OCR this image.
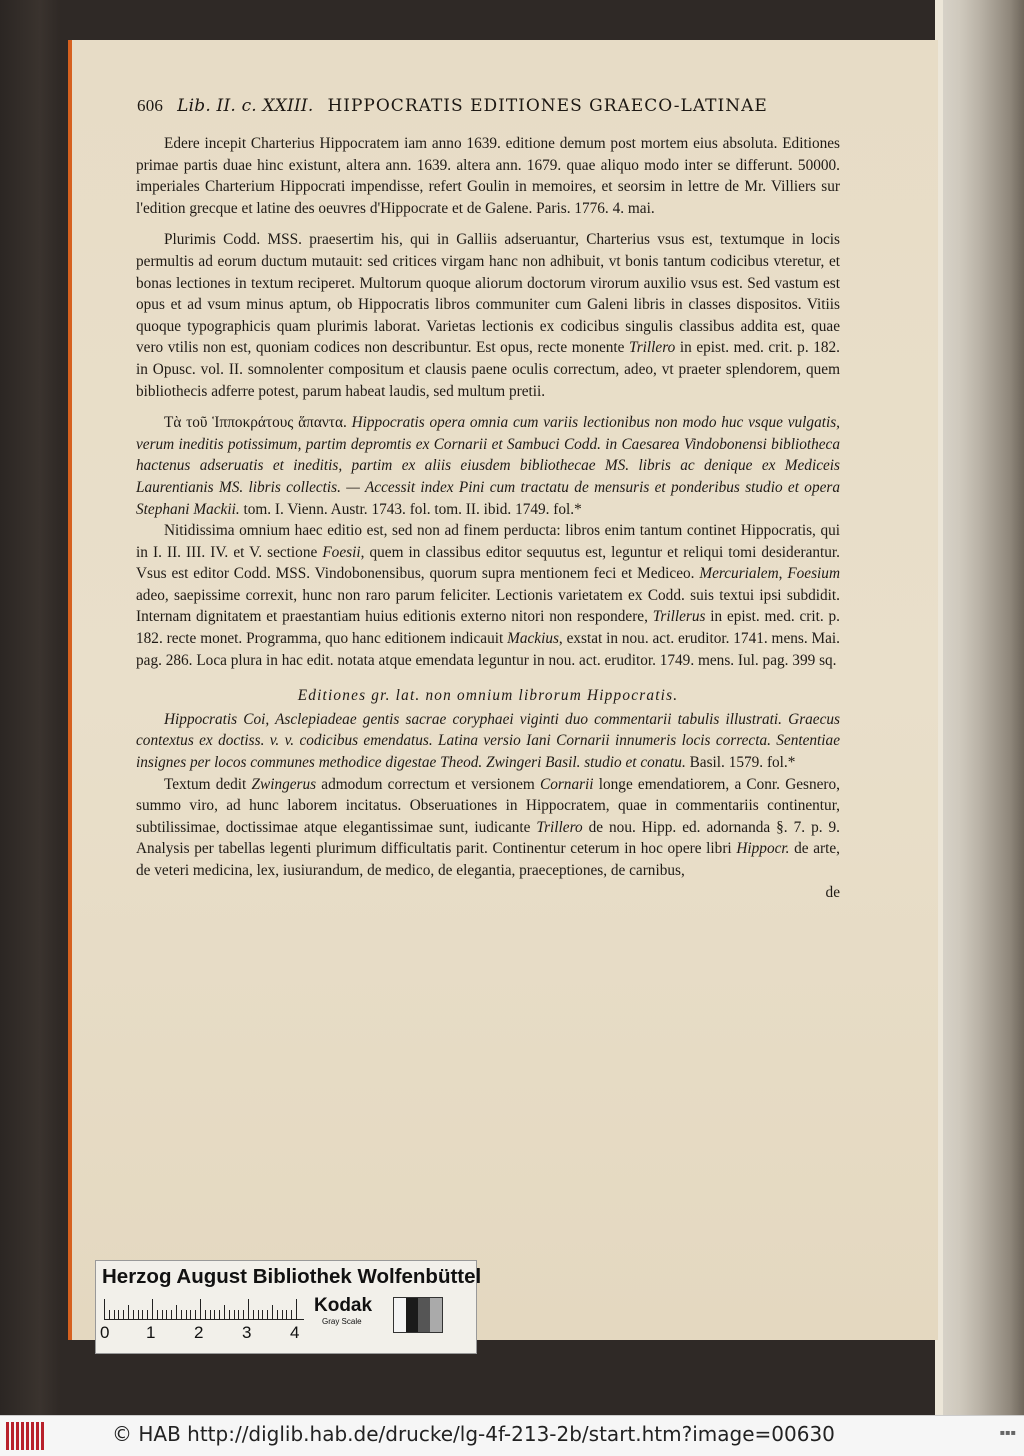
606 Lib. II. c. XXIII. HIPPOCRATIS EDITIONES GRAECO-LATINAE

Edere incepit Charterius Hippocratem iam anno 1639. editione demum post mortem eius absoluta. Editiones primae partis duae hinc existunt, altera ann. 1639. altera ann. 1679. quae aliquo modo inter se differunt. 50000. imperiales Charterium Hippocrati impendisse, refert Goulin in memoires, et seorsim in lettre de Mr. Villiers sur l'edition grecque et latine des oeuvres d'Hippocrate et de Galene. Paris. 1776. 4. mai.

Plurimis Codd. MSS. praesertim his, qui in Galliis adseruantur, Charterius vsus est, textumque in locis permultis ad eorum ductum mutauit: sed critices virgam hanc non adhibuit, vt bonis tantum codicibus vteretur, et bonas lectiones in textum reciperet. Multorum quoque aliorum doctorum virorum auxilio vsus est. Sed vastum est opus et ad vsum minus aptum, ob Hippocratis libros communiter cum Galeni libris in classes dispositos. Vitiis quoque typographicis quam plurimis laborat. Varietas lectionis ex codicibus singulis classibus addita est, quae vero vtilis non est, quoniam codices non describuntur. Est opus, recte monente Trillero in epist. med. crit. p. 182. in Opusc. vol. II. somnolenter compositum et clausis paene oculis correctum, adeo, vt praeter splendorem, quem bibliothecis adferre potest, parum habeat laudis, sed multum pretii.

Τὰ τοῦ Ἱπποκράτους ἅπαντα. Hippocratis opera omnia cum variis lectionibus non modo huc vsque vulgatis, verum ineditis potissimum, partim depromtis ex Cornarii et Sambuci Codd. in Caesarea Vindobonensi bibliotheca hactenus adseruatis et ineditis, partim ex aliis eiusdem bibliothecae MS. libris ac denique ex Mediceis Laurentianis MS. libris collectis. — Accessit index Pini cum tractatu de mensuris et ponderibus studio et opera Stephani Mackii. tom. I. Vienn. Austr. 1743. fol. tom. II. ibid. 1749. fol.*

Nitidissima omnium haec editio est, sed non ad finem perducta: libros enim tantum continet Hippocratis, qui in I. II. III. IV. et V. sectione Foesii, quem in classibus editor sequutus est, leguntur et reliqui tomi desiderantur. Vsus est editor Codd. MSS. Vindobonensibus, quorum supra mentionem feci et Mediceo. Mercurialem, Foesium adeo, saepissime correxit, hunc non raro parum feliciter. Lectionis varietatem ex Codd. suis textui ipsi subdidit. Internam dignitatem et praestantiam huius editionis externo nitori non respondere, Trillerus in epist. med. crit. p. 182. recte monet. Programma, quo hanc editionem indicauit Mackius, exstat in nou. act. eruditor. 1741. mens. Mai. pag. 286. Loca plura in hac edit. notata atque emendata leguntur in nou. act. eruditor. 1749. mens. Iul. pag. 399 sq.

Editiones gr. lat. non omnium librorum Hippocratis.

Hippocratis Coi, Asclepiadeae gentis sacrae coryphaei viginti duo commentarii tabulis illustrati. Graecus contextus ex doctiss. v. v. codicibus emendatus. Latina versio Iani Cornarii innumeris locis correcta. Sententiae insignes per locos communes methodice digestae Theod. Zwingeri Basil. studio et conatu. Basil. 1579. fol.*

Textum dedit Zwingerus admodum correctum et versionem Cornarii longe emendatiorem, a Conr. Gesnero, summo viro, ad hunc laborem incitatus. Obseruationes in Hippocratem, quae in commentariis continentur, subtilissimae, doctissimae atque elegantissimae sunt, iudicante Trillero de nou. Hipp. ed. adornanda §. 7. p. 9. Analysis per tabellas legenti plurimum difficultatis parit. Continentur ceterum in hoc opere libri Hippocr. de arte, de veteri medicina, lex, iusiurandum, de medico, de elegantia, praeceptiones, de carnibus,

de
Herzog August Bibliothek Wolfenbüttel
0 1 2 3 4
Kodak
Gray Scale
© HAB http://diglib.hab.de/drucke/lg-4f-213-2b/start.htm?image=00630	▪▪▪
